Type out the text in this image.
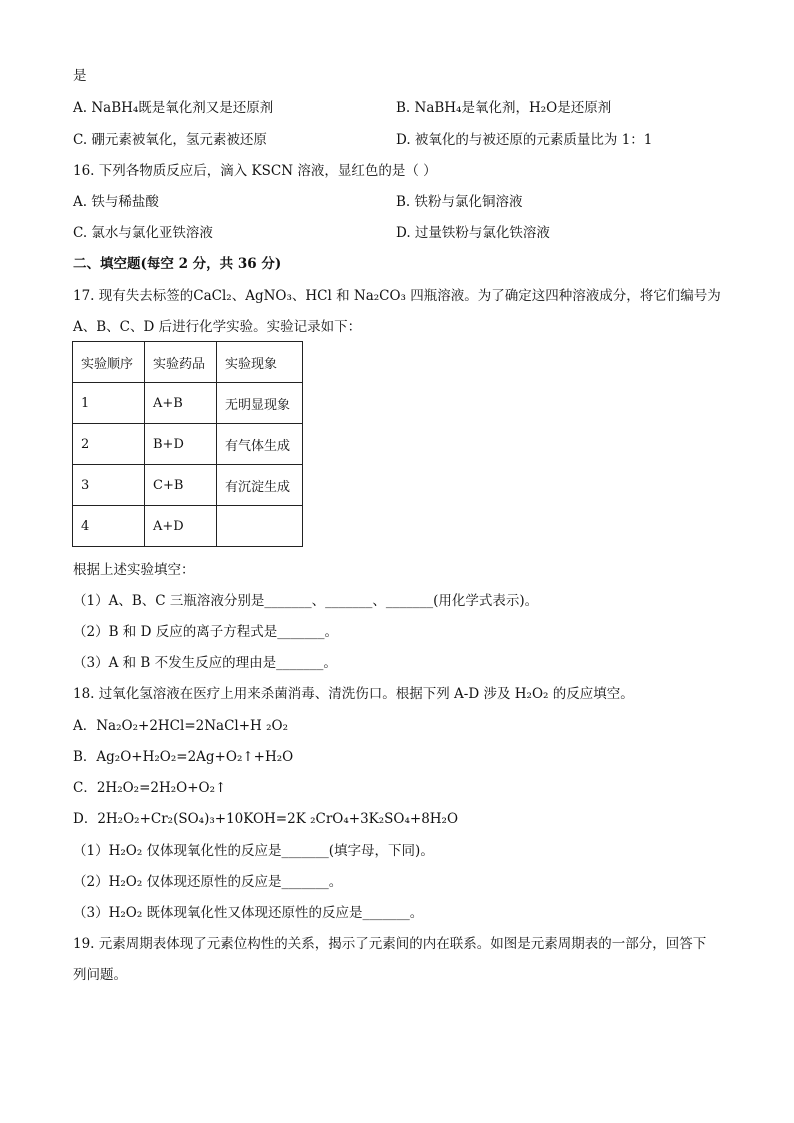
是
A. NaBH₄既是氧化剂又是还原剂	B. NaBH₄是氧化剂，H₂O是还原剂
C. 硼元素被氧化，氢元素被还原	D. 被氧化的与被还原的元素质量比为 1：1
16. 下列各物质反应后，滴入 KSCN 溶液，显红色的是（ ）
A. 铁与稀盐酸	B. 铁粉与氯化铜溶液
C. 氯水与氯化亚铁溶液	D. 过量铁粉与氯化铁溶液
二、填空题(每空 2 分，共 36 分)
17. 现有失去标签的CaCl₂、AgNO₃、HCl 和 Na₂CO₃ 四瓶溶液。为了确定这四种溶液成分，将它们编号为
A、B、C、D 后进行化学实验。实验记录如下：
实验顺序	实验药品	实验现象
1	A+B	无明显现象
2	B+D	有气体生成
3	C+B	有沉淀生成
4	A+D	
根据上述实验填空：
（1）A、B、C 三瓶溶液分别是_______、_______、_______(用化学式表示)。
（2）B 和 D 反应的离子方程式是_______。
（3）A 和 B 不发生反应的理由是_______。
18. 过氧化氢溶液在医疗上用来杀菌消毒、清洗伤口。根据下列 A-D 涉及 H₂O₂ 的反应填空。
A．Na₂O₂+2HCl=2NaCl+H ₂O₂
B．Ag₂O+H₂O₂=2Ag+O₂↑+H₂O
C．2H₂O₂=2H₂O+O₂↑
D．2H₂O₂+Cr₂(SO₄)₃+10KOH=2K ₂CrO₄+3K₂SO₄+8H₂O
（1）H₂O₂ 仅体现氧化性的反应是_______(填字母，下同)。
（2）H₂O₂ 仅体现还原性的反应是_______。
（3）H₂O₂ 既体现氧化性又体现还原性的反应是_______。
19. 元素周期表体现了元素位构性的关系，揭示了元素间的内在联系。如图是元素周期表的一部分，回答下
列问题。
